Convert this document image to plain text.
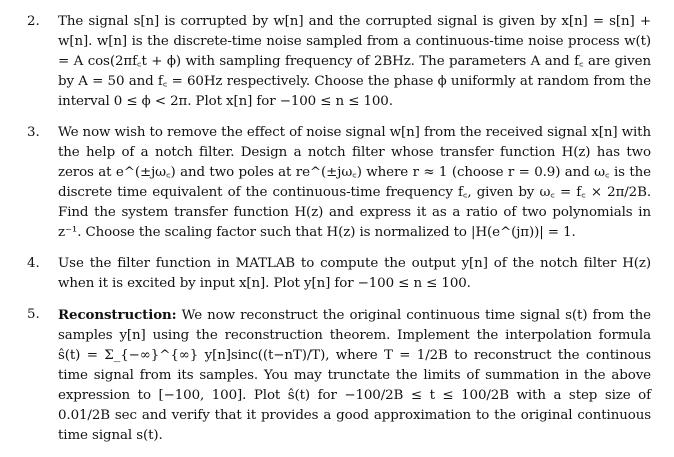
2.	The signal s[n] is corrupted by w[n] and the corrupted signal is given by x[n] = s[n] + w[n]. w[n] is the discrete-time noise sampled from a continuous-time noise process w(t) = A cos(2πf꜀t + ϕ) with sampling frequency of 2BHz. The parameters A and f꜀ are given by A = 50 and f꜀ = 60Hz respectively. Choose the phase ϕ uniformly at random from the interval 0 ≤ ϕ < 2π. Plot x[n] for −100 ≤ n ≤ 100.
3.	We now wish to remove the effect of noise signal w[n] from the received signal x[n] with the help of a notch filter. Design a notch filter whose transfer function H(z) has two zeros at e^(±jω꜀) and two poles at re^(±jω꜀) where r ≈ 1 (choose r = 0.9) and ω꜀ is the discrete time equivalent of the continuous-time frequency f꜀, given by ω꜀ = f꜀ × 2π/2B. Find the system transfer function H(z) and express it as a ratio of two polynomials in z⁻¹. Choose the scaling factor such that H(z) is normalized to |H(e^(jπ))| = 1.
4.	Use the filter function in MATLAB to compute the output y[n] of the notch filter H(z) when it is excited by input x[n]. Plot y[n] for −100 ≤ n ≤ 100.
5.	Reconstruction: We now reconstruct the original continuous time signal s(t) from the samples y[n] using the reconstruction theorem. Implement the interpolation formula ŝ(t) = Σ_{−∞}^{∞} y[n]sinc((t−nT)/T), where T = 1/2B to reconstruct the continous time signal from its samples. You may trunctate the limits of summation in the above expression to [−100, 100]. Plot ŝ(t) for −100/2B ≤ t ≤ 100/2B with a step size of 0.01/2B sec and verify that it provides a good approximation to the original continuous time signal s(t).
